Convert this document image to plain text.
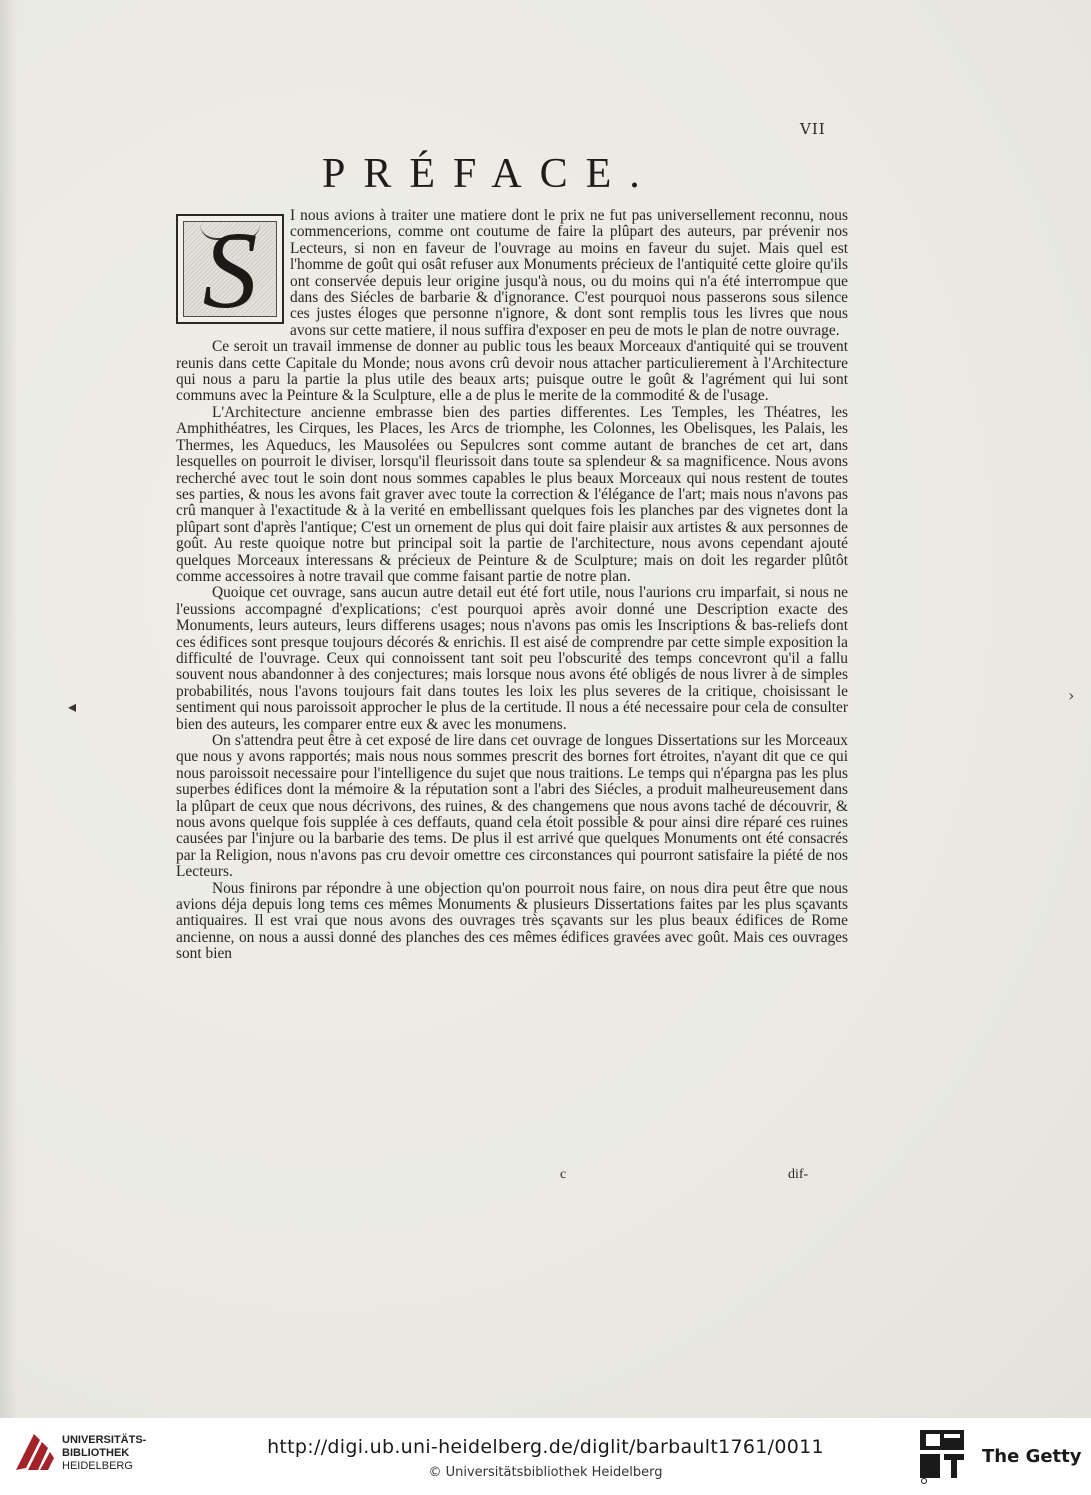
VII
PRÉFACE.
S	I nous avions à traiter une matiere dont le prix ne fut pas universellement reconnu, nous commencerions, comme ont coutume de faire la plûpart des auteurs, par prévenir nos Lecteurs, si non en faveur de l'ouvrage au moins en faveur du sujet. Mais quel est l'homme de goût qui osât refuser aux Monuments précieux de l'antiquité cette gloire qu'ils ont conservée depuis leur origine jusqu'à nous, ou du moins qui n'a été interrompue que dans des Siécles de barbarie & d'ignorance. C'est pourquoi nous passerons sous silence ces justes éloges que personne n'ignore, & dont sont remplis tous les livres que nous avons sur cette matiere, il nous suffira d'exposer en peu de mots le plan de notre ouvrage.

Ce seroit un travail immense de donner au public tous les beaux Morceaux d'antiquité qui se trouvent reunis dans cette Capitale du Monde; nous avons crû devoir nous attacher particulierement à l'Architecture qui nous a paru la partie la plus utile des beaux arts; puisque outre le goût & l'agrément qui lui sont communs avec la Peinture & la Sculpture, elle a de plus le merite de la commodité & de l'usage.

L'Architecture ancienne embrasse bien des parties differentes. Les Temples, les Théatres, les Amphithéatres, les Cirques, les Places, les Arcs de triomphe, les Colonnes, les Obelisques, les Palais, les Thermes, les Aqueducs, les Mausolées ou Sepulcres sont comme autant de branches de cet art, dans lesquelles on pourroit le diviser, lorsqu'il fleurissoit dans toute sa splendeur & sa magnificence. Nous avons recherché avec tout le soin dont nous sommes capables le plus beaux Morceaux qui nous restent de toutes ses parties, & nous les avons fait graver avec toute la correction & l'élégance de l'art; mais nous n'avons pas crû manquer à l'exactitude & à la verité en embellissant quelques fois les planches par des vignetes dont la plûpart sont d'après l'antique; C'est un ornement de plus qui doit faire plaisir aux artistes & aux personnes de goût. Au reste quoique notre but principal soit la partie de l'architecture, nous avons cependant ajouté quelques Morceaux interessans & précieux de Peinture & de Sculpture; mais on doit les regarder plûtôt comme accessoires à notre travail que comme faisant partie de notre plan.

Quoique cet ouvrage, sans aucun autre detail eut été fort utile, nous l'aurions cru imparfait, si nous ne l'eussions accompagné d'explications; c'est pourquoi après avoir donné une Description exacte des Monuments, leurs auteurs, leurs differens usages; nous n'avons pas omis les Inscriptions & bas-reliefs dont ces édifices sont presque toujours décorés & enrichis. Il est aisé de comprendre par cette simple exposition la difficulté de l'ouvrage. Ceux qui connoissent tant soit peu l'obscurité des temps concevront qu'il a fallu souvent nous abandonner à des conjectures; mais lorsque nous avons été obligés de nous livrer à de simples probabilités, nous l'avons toujours fait dans toutes les loix les plus severes de la critique, choisissant le sentiment qui nous paroissoit approcher le plus de la certitude. Il nous a été necessaire pour cela de consulter bien des auteurs, les comparer entre eux & avec les monumens.

On s'attendra peut être à cet exposé de lire dans cet ouvrage de longues Dissertations sur les Morceaux que nous y avons rapportés; mais nous nous sommes prescrit des bornes fort étroites, n'ayant dit que ce qui nous paroissoit necessaire pour l'intelligence du sujet que nous traitions. Le temps qui n'épargna pas les plus superbes édifices dont la mémoire & la réputation sont a l'abri des Siécles, a produit malheureusement dans la plûpart de ceux que nous décrivons, des ruines, & des changemens que nous avons taché de découvrir, & nous avons quelque fois supplée à ces deffauts, quand cela étoit possible & pour ainsi dire réparé ces ruines causées par l'injure ou la barbarie des tems. De plus il est arrivé que quelques Monuments ont été consacrés par la Religion, nous n'avons pas cru devoir omettre ces circonstances qui pourront satisfaire la piété de nos Lecteurs.

Nous finirons par répondre à une objection qu'on pourroit nous faire, on nous dira peut être que nous avions déja depuis long tems ces mêmes Monuments & plusieurs Dissertations faites par les plus sçavants antiquaires. Il est vrai que nous avons des ouvrages très sçavants sur les plus beaux édifices de Rome ancienne, on nous a aussi donné des planches des ces mêmes édifices gravées avec goût. Mais ces ouvrages sont bien

c	dif-
◂
›
UNIVERSITÄTS-
BIBLIOTHEK
HEIDELBERG
http://digi.ub.uni-heidelberg.de/diglit/barbault1761/0011
© Universitätsbibliothek Heidelberg
The Getty
